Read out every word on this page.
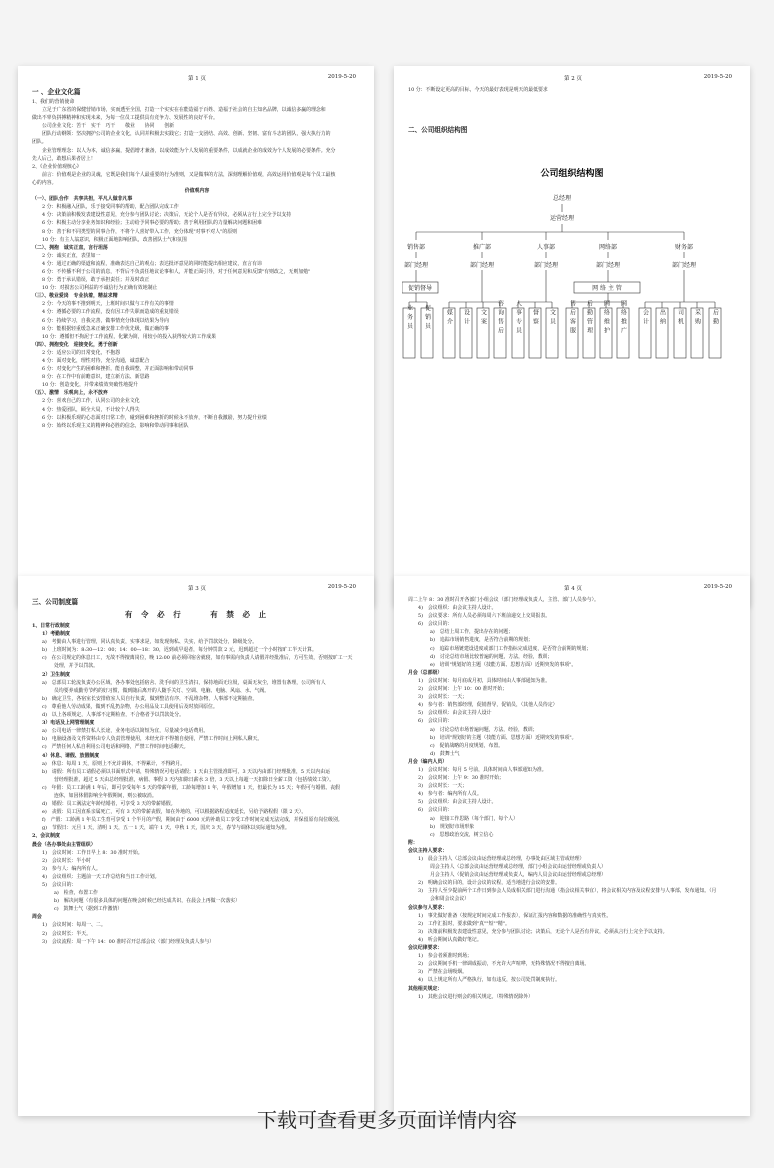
第 1 页	2019-5-20
一 、企业文化篇
1、我们的营销使命
立足于广东省的保健营销市场，实而透至全国，打造一个实实在在能造福于百姓、造福于社会的自主知名品牌，以诚信多赢的理念和
做出不辜负拼搏精神和实现未来，为每一位员工提供具有竞争力、发展性的良好平台。
公司企业文化：苦干　实干　巧干　　敬业　　协同　　创新
团队行动纲领：坚决拥护公司的企业文化，认同并积极去实践它；打造一支团结、高效、创新、坚韧、富有斗志的团队，强大执行力的
团队。
企业管理理念：以人为本，诚信多赢，提倡增才兼备，以成效能为个人发展的重要条件，以成就企业的成效为个人发展的必要条件。充分
先人后己，敢想后果者居上！
2、《企业价值观核心》
前言：价值观是企业的灵魂，它既是我们每个人最重要的行为准则，又是做事的方法，深刻理解价值观，高效运用价值观是每个员工最核
心的内容。
价值观内容
（一）、团队合作　共享共担，平凡人做非凡事
2 分：积极融入团队，乐于接受同事的帮助，配合团队完成工作
4 分：决策前积极发表建设性意见，充分参与团队讨论；决策后，无论个人是否有异议，必须从言行上完全予以支持
6 分：积极主动分享业务知识和经验；主动给予同事必要的帮助；善于利用团队的力量解决问题和困难
8 分：善于和不同类型的同事合作，不将个人喜好带入工作，充分体现"对事不对人"的原则
10 分：有主人翁意识，积极正面地影响团队，改善团队士气和氛围
（二）、拥抱　诚实正直，言行坦荡
2 分：诚实正直，表里如一
4 分：通过正确的渠道和流程，准确表达自己的观点；表达批评意见的同时能提出相应建议，直言有讳
6 分：不传播不利于公司的消息，不背后不负责任地议论事和人，并能正面引导，对于任何意见和反馈"有则改之，无则加勉"
8 分：勇于承认错误，敢于承担责任；并及时改正
10 分：对损害公司利益的不诚信行为正确有效地制止
（三）、敬业爱岗　专业执着，精益求精
2 分：今天的事不推到明天，上班时间只做与工作有关的事情
4 分：遵循必要的工作流程，没有因工作失职而造成的重复错误
6 分：持续学习，自我完善，做事情充分体现以结果为导向
8 分：能根据轻重缓急来正确安排工作优先级，做正确的事
10 分：遵循但不拘泥于工作流程，化繁为简，用较小的投入获得较大的工作成果
（四）、拥抱变化　迎接变化，勇于创新
2 分：适应公司的日常变化，不抱怨
4 分：面对变化，理性对待，充分沟通，诚意配合
6 分：对变化产生的困难和挫折，能自我调整，并正面影响和带动同事
8 分：在工作中有前瞻意识，建立新方法、新思路
10 分：创造变化，并带来绩效突破性地提升
（五）、激情　乐观向上，永不放弃
2 分：喜欢自己的工作，认同公司的企业文化
4 分：热爱团队，顾全大局，不计较个人得失
6 分：以积极乐观的心态面对日常工作，碰到困难和挫折的时候永不放弃，不断自我激励，努力提升业绩
8 分：始终以乐观主义的精神和必胜的信念，影响和带动同事和团队
第 2 页	2019-5-20
10 分：不断设定更高的目标，今天的最好表现是明天的最低要求
二、公司组织结构图
公司组织结构图
总经理
运营经理
销售部
部门经理
推广部
部门经理
人事部
部门经理
网络部
部门经理
财务部
部门经理
促销督导	网 络 主 管
业务员 促销员	媒介 设计 文案 咨询售后 人事专员 督察 文员 售后客服 后勤管理 网络维护 网络推广	会计 出纳 司机 采购 后勤
第 3 页	2019-5-20
三、公司制度篇
有 令 必 行　　 有 禁 必 止
1、日常行政制度
1）考勤制度
a)　考勤由人事进行管理，同认真负责，实事求是，如发现徇私、失实，给予罚款处分，降级处分。
b)　上班时间为：8:30—12：00；14：00—18：30，迟到或早退者，每分钟罚款 2 元，迟到超过一个小时按旷工半天计算。
c)　在公司规定的休息日工，无故不得擅离岗位，晚 12:00 前必须回宿舍就寝，如有事需向负责人请假并经批准后，方可生效，否则按旷工一天
处理，并予以罚款。
2）卫生制度
a)　总部员工轮流负责办公区域，各办事处包括宿舍、洗手间的卫生清扫，保持地面无垃圾，桌面无灰尘，堆置有条理，公司所有人
员均要养成勤劳节约的好习惯，做到随后离开的人随手关灯、空调、电脑、电脑、风扇、水、气阀。
b)　确定卫生，各宿室长安排值室人员自行负责，做到整洁有序，不乱堆杂物，人事部不定期抽查。
c)　尊重他人劳动成果，做到不乱扔杂物，办公用品及工具使用后及时放回原位。
d)　以上各项规定，人事部不定期检查，不合格者予以罚款处分。
3）电话及上网管理制度
a)　公司电话一律禁打私人长途，业务电话以简短为宜，尽量减少电话费用。
b)　电脑设备及文件资料由专人负责管理使用，未经允许不得擅自使用，严禁工作时间上网私人聊天。
c)　严禁任何人私自利用公司电话和网络，严禁工作时间电话聊天。
4）休息、请假、放假制度
a)　休息：每周 1 天，原则上不允许调休，不得累计，不得跨月。
b)　请假：所有员工请假必须以书面形式申请，特殊情况可电话请假；1 天由主管批准即可，3 天以内由部门经理批准，5 天以内由运
营经理批准，超过 5 天由总经理批准，病假、事假 3 天内扣除日薪水 3 倍，3 天以上每超一天扣除日全薪工资（包括绩效工资）。
c)　年假：员工工龄满 1 年后，即可享受每年 5 天的带薪年假，工龄每增加 1 年，年假增加 1 天，但最长为 15 天；年假可与婚假、丧假
连休，如因休假影响全年假期间，则公被取消。
d)　婚假：员工满法定年龄结婚者，可享受 3 天的带薪婚假。
e)　丧假：员工因直系亲属死亡，可有 3 天的带薪丧假，如在外地的，可以根据路程适度延长，另给予路程假（限 2 天）。
f)　产假：工龄满 1 年员工生育可享受 1 个半月的产假，期间由于 6000 元的补助员工享受工作时间完成无法完成，并保留原有岗位级别。
g)　节假日：元旦 1 天，清明 1 天，五一 1 天，端午 1 天，中秋 1 天，国庆 3 天，春节与调休以实际通知为准。
2、会议制度
晨会（各办事处由主管组织）
1)　会议时间：工作日早上 8：30 准时开始。
2)　会议时长：半小时
3)　参与人：编内所有人。
4)　会议组织：主题前一天工作总结和当日工作计划。
5)　会议目的：
a)　检查，布置工作
b)　解决问题（有很多具体的问题在晚会时候已经达成共识，在晨会上再做一次落实）
c)　鼓舞士气（据到工作激情）
周会
1)　会议时间：每周一、二。
2)　会议时长：半天。
3)　会议流程：周一下午 14：00 准时召开总部会议（部门经理及负责人参与）
第 4 页	2019-5-20
周二上午 8：30 准时召开各部门小组会议（部门经理或负责人，主管、部门人员参与）。
4)　会议组织：由会议主持人设计。
5)　会议要求：所有人员必须每周六下班前递交上交周报表。
6)　会议目的：
a)　总结上周工作，提出存在的问题；
b)　追踪市场销售进度，是否符合前期的规划；
c)　追踪市场链建设进度或部门工作指标完成进度，是否符合前期的规划；
d)　讨论总结市场比较普遍的问题，方法，经验，教训；
e)　培训"规划好的主题（技能方面、思想方面）近期突发的事项"。
月会（总部级）
1)　会议时间：每月底或月初，具体时间由人事部通知为准。
2)　会议时间：上午 10：00 准时开始；
3)　会议时长：一天；
4)　参与者：销售部经理，促销督导，促销员，（其他人员待定）
5)　会议组织：由会议主持人设计
6)　会议目的：
a)　讨论总结市场普遍问题，方法，经验，教训；
b)　培训"规划好的主题（技能方面、思想方面）近期突发的事项"。
c)　促销战略的月度规划，布置。
d)　鼓舞士气
月会（编内人员）
1)　会议时间：每月 5 号前，具体时间由人事部通知为准。
2)　会议时间：上午 9：30 准时开始；
3)　会议时长：一天；
4)　参与者：编内所有人员。
5)　会议组织：由会议主持人设计。
6)　会议目的：
a)　迎接工作思路（每个部门，每个人）
b)　规划好市场形象
c)　思想政治交流，树立信心
附：
会议主持人要求：
1)　晨会主持人（总部会议由运营经理或总经理，办事处由区域主管或经理）
周会主持人（总部会议由运营经理或总经理，部门小组会议由运营经理或负责人）
月会主持人（促销会议由运营经理或负责人，编内人员会议由运营经理或总经理）
2)　明确会议的目的，设计会议的议程，适当地进行会议的安排。
3)　主持人至少提前两个工作日到参会人员成相关部门进行沟通（指会议相关事宜），将会议相关内容及议程安排与人事部，发布通知。（月
会和周会议会议）
会议参与人要求：
1)　事先做好准备（按规定时间完成工作报表），保证汇报内容和数据的准确性与真实性。
2)　工作汇报时，要求做到"真""短""精"。
3)　决策前积极发表建设性意见，充分参与团队讨论；决策后，无论个人是否有异议，必须从言行上完全予以支持。
4)　听会期间认真做好笔记。
会议纪律要求：
1)　参会者须准时到场；
2)　会议期间手机一律调成振动，不允许大声喧哗，无特殊情况不得擅自离场。
3)　严禁在会场吸烟。
4)　以上规定所有人严格执行，如有违反，按公司处罚制度执行。
其他相关规定：
1)　其他会议进行则会的相关规定。（特殊情况除外）
下载可查看更多页面详情内容
